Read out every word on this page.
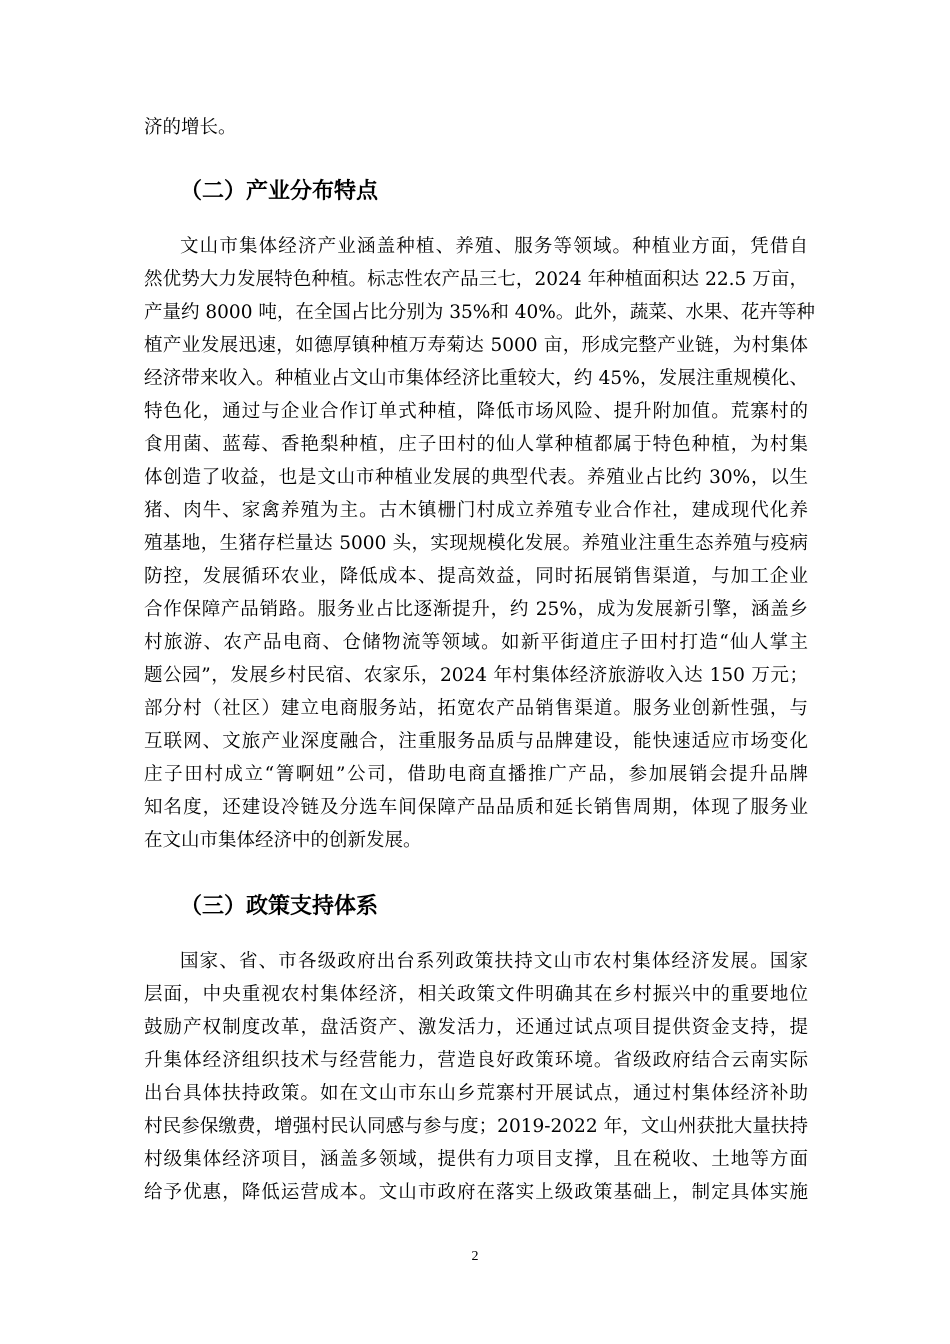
济的增长。
（二）产业分布特点
文山市集体经济产业涵盖种植、养殖、服务等领域。种植业方面，凭借自
然优势大力发展特色种植。标志性农产品三七，2024 年种植面积达 22.5 万亩，
产量约 8000 吨，在全国占比分别为 35%和 40%。此外，蔬菜、水果、花卉等种
植产业发展迅速，如德厚镇种植万寿菊达 5000 亩，形成完整产业链，为村集体
经济带来收入。种植业占文山市集体经济比重较大，约 45%，发展注重规模化、
特色化，通过与企业合作订单式种植，降低市场风险、提升附加值。荒寨村的
食用菌、蓝莓、香艳梨种植，庄子田村的仙人掌种植都属于特色种植，为村集
体创造了收益，也是文山市种植业发展的典型代表。养殖业占比约 30%，以生
猪、肉牛、家禽养殖为主。古木镇栅门村成立养殖专业合作社，建成现代化养
殖基地，生猪存栏量达 5000 头，实现规模化发展。养殖业注重生态养殖与疫病
防控，发展循环农业，降低成本、提高效益，同时拓展销售渠道，与加工企业
合作保障产品销路。服务业占比逐渐提升，约 25%，成为发展新引擎，涵盖乡
村旅游、农产品电商、仓储物流等领域。如新平街道庄子田村打造“仙人掌主
题公园”，发展乡村民宿、农家乐，2024 年村集体经济旅游收入达 150 万元；
部分村（社区）建立电商服务站，拓宽农产品销售渠道。服务业创新性强，与
互联网、文旅产业深度融合，注重服务品质与品牌建设，能快速适应市场变化
庄子田村成立“箐啊妞”公司，借助电商直播推广产品，参加展销会提升品牌
知名度，还建设冷链及分选车间保障产品品质和延长销售周期，体现了服务业
在文山市集体经济中的创新发展。
（三）政策支持体系
国家、省、市各级政府出台系列政策扶持文山市农村集体经济发展。国家
层面，中央重视农村集体经济，相关政策文件明确其在乡村振兴中的重要地位
鼓励产权制度改革，盘活资产、激发活力，还通过试点项目提供资金支持，提
升集体经济组织技术与经营能力，营造良好政策环境。省级政府结合云南实际
出台具体扶持政策。如在文山市东山乡荒寨村开展试点，通过村集体经济补助
村民参保缴费，增强村民认同感与参与度；2019-2022 年，文山州获批大量扶持
村级集体经济项目，涵盖多领域，提供有力项目支撑，且在税收、土地等方面
给予优惠，降低运营成本。文山市政府在落实上级政策基础上，制定具体实施
2
